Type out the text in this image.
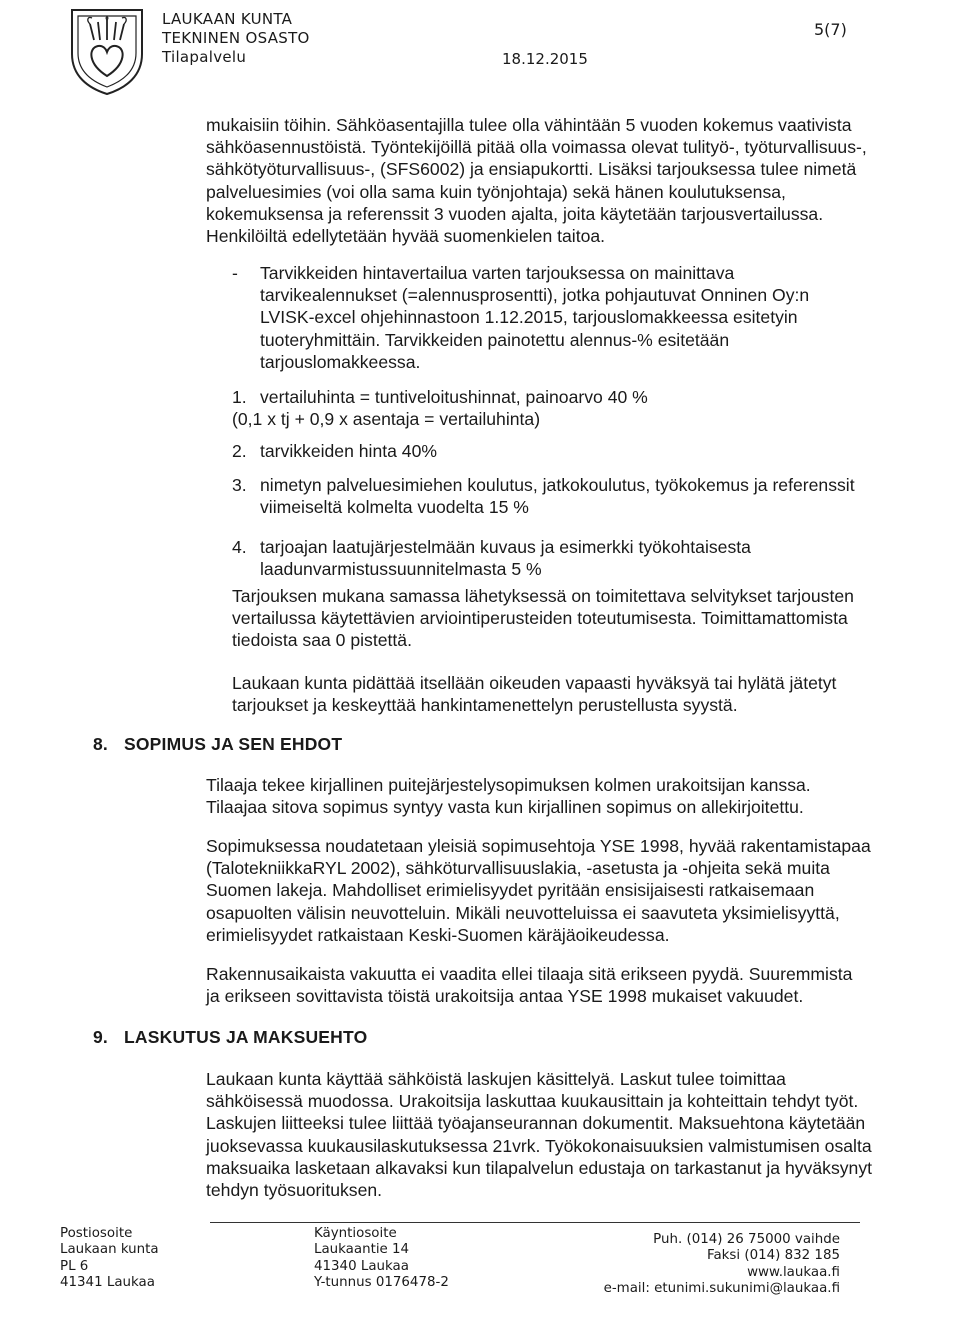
LAUKAAN KUNTA
TEKNINEN OSASTO
Tilapalvelu	18.12.2015
5(7)

mukaisiin töihin. Sähköasentajilla tulee olla vähintään 5 vuoden kokemus vaativista sähköasennustöistä. Työntekijöillä pitää olla voimassa olevat tulityö-, työturvallisuus-, sähkötyöturvallisuus-, (SFS6002) ja ensiapukortti. Lisäksi tarjouksessa tulee nimetä palveluesimies (voi olla sama kuin työnjohtaja) sekä hänen koulutuksensa, kokemuksensa ja referenssit 3 vuoden ajalta, joita käytetään tarjousvertailussa. Henkilöiltä edellytetään hyvää suomenkielen taitoa.

- Tarvikkeiden hintavertailua varten tarjouksessa on mainittava tarvikealennukset (=alennusprosentti), jotka pohjautuvat Onninen Oy:n LVISK-excel ohjehinnastoon 1.12.2015, tarjouslomakkeessa esitetyin tuoteryhmittäin. Tarvikkeiden painotettu alennus-% esitetään tarjouslomakkeessa.

1. vertailuhinta = tuntiveloitushinnat, painoarvo 40 %
(0,1 x tj + 0,9 x asentaja = vertailuhinta)
2. tarvikkeiden hinta 40%
3. nimetyn palveluesimiehen koulutus, jatkokoulutus, työkokemus ja referenssit viimeiseltä kolmelta vuodelta 15 %
4. tarjoajan laatujärjestelmään kuvaus ja esimerkki työkohtaisesta laadunvarmistussuunnitelmasta 5 %

Tarjouksen mukana samassa lähetyksessä on toimitettava selvitykset tarjousten vertailussa käytettävien arviointiperusteiden toteutumisesta. Toimittamattomista tiedoista saa 0 pistettä.

Laukaan kunta pidättää itsellään oikeuden vapaasti hyväksyä tai hylätä jätetyt tarjoukset ja keskeyttää hankintamenettelyn perustellusta syystä.

8. SOPIMUS JA SEN EHDOT

Tilaaja tekee kirjallinen puitejärjestelysopimuksen kolmen urakoitsijan kanssa. Tilaajaa sitova sopimus syntyy vasta kun kirjallinen sopimus on allekirjoitettu.

Sopimuksessa noudatetaan yleisiä sopimusehtoja YSE 1998, hyvää rakentamistapaa (TalotekniikkaRYL 2002), sähköturvallisuuslakia, -asetusta ja -ohjeita sekä muita Suomen lakeja. Mahdolliset erimielisyydet pyritään ensisijaisesti ratkaisemaan osapuolten välisin neuvotteluin. Mikäli neuvotteluissa ei saavuteta yksimielisyyttä, erimielisyydet ratkaistaan Keski-Suomen käräjäoikeudessa.

Rakennusaikaista vakuutta ei vaadita ellei tilaaja sitä erikseen pyydä. Suuremmista ja erikseen sovittavista töistä urakoitsija antaa YSE 1998 mukaiset vakuudet.

9. LASKUTUS JA MAKSUEHTO

Laukaan kunta käyttää sähköistä laskujen käsittelyä. Laskut tulee toimittaa sähköisessä muodossa. Urakoitsija laskuttaa kuukausittain ja kohteittain tehdyt työt. Laskujen liitteeksi tulee liittää työajanseurannan dokumentit. Maksuehtona käytetään juoksevassa kuukausilaskutuksessa 21vrk. Työkokonaisuuksien valmistumisen osalta maksuaika lasketaan alkavaksi kun tilapalvelun edustaja on tarkastanut ja hyväksynyt tehdyn työsuorituksen.

Postiosoite
Laukaan kunta
PL 6
41341 Laukaa
Käyntiosoite
Laukaantie 14
41340 Laukaa
Y-tunnus 0176478-2
Puh. (014) 26 75000 vaihde
Faksi (014) 832 185
www.laukaa.fi
e-mail: etunimi.sukunimi@laukaa.fi
